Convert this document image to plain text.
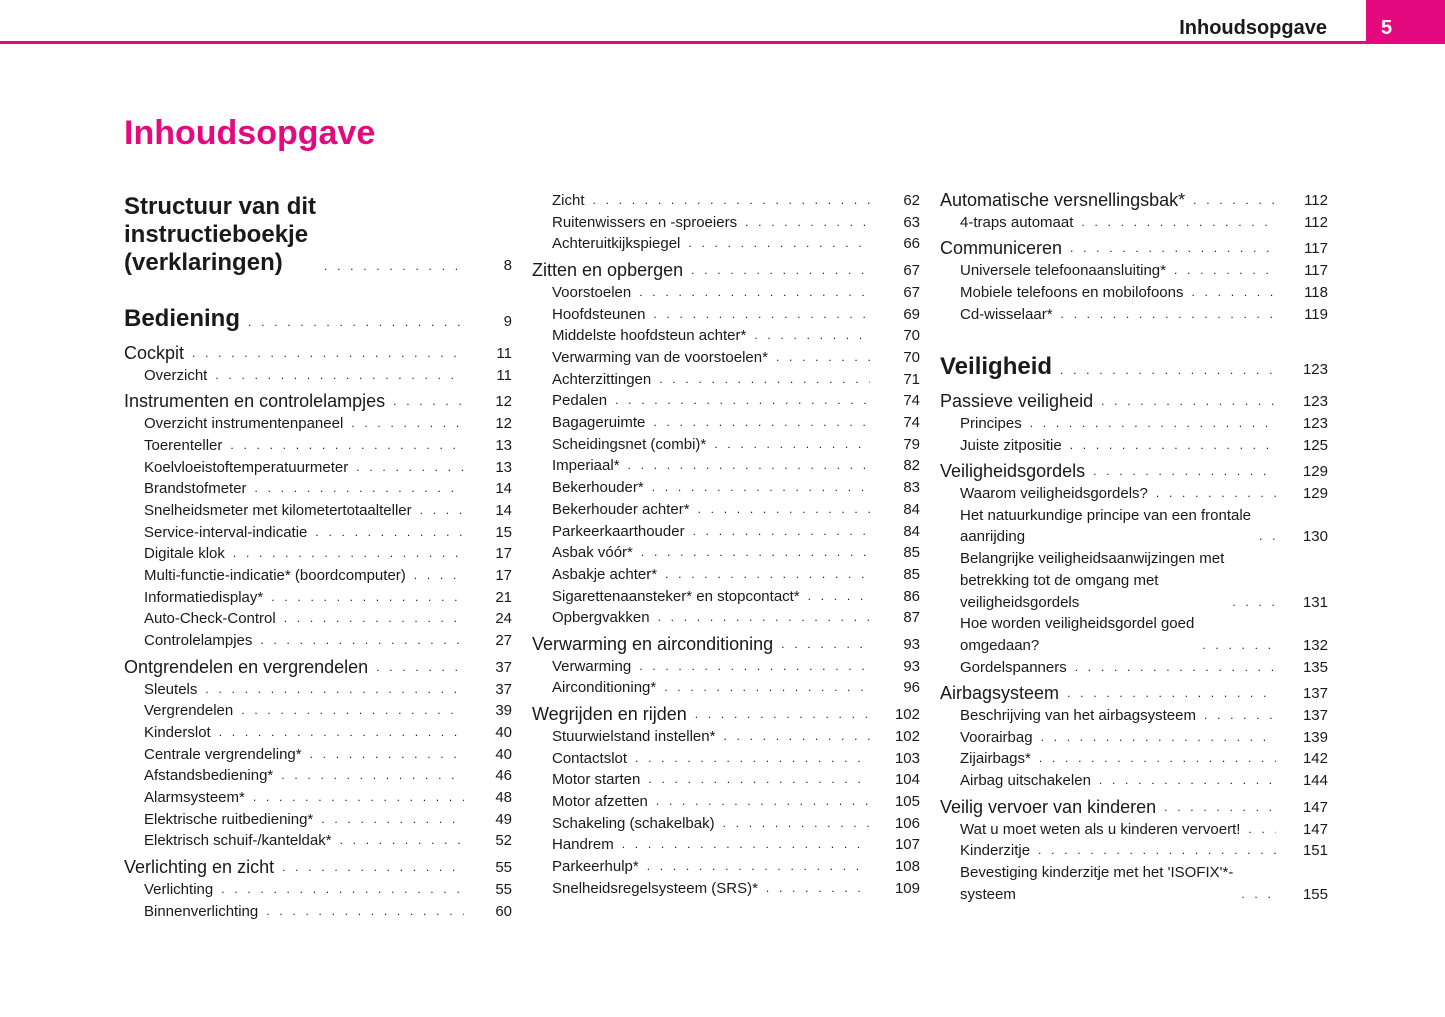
Inhoudsopgave	5
Inhoudsopgave
Structuur van dit
instructieboekje
(verklaringen) . . .	8
Bediening . . .	9
Cockpit . . .	11
Overzicht . . .	11
Instrumenten en controlelampjes . . .	12
Overzicht instrumentenpaneel . . .	12
Toerenteller . . .	13
Koelvloeistoftemperatuurmeter . . .	13
Brandstofmeter . . .	14
Snelheidsmeter met kilometertotaalteller . . .	14
Service-interval-indicatie . . .	15
Digitale klok . . .	17
Multi-functie-indicatie* (boordcomputer) . . .	17
Informatiedisplay* . . .	21
Auto-Check-Control . . .	24
Controlelampjes . . .	27
Ontgrendelen en vergrendelen . . .	37
Sleutels . . .	37
Vergrendelen . . .	39
Kinderslot . . .	40
Centrale vergrendeling* . . .	40
Afstandsbediening* . . .	46
Alarmsysteem* . . .	48
Elektrische ruitbediening* . . .	49
Elektrisch schuif-/kanteldak* . . .	52
Verlichting en zicht . . .	55
Verlichting . . .	55
Binnenverlichting . . .	60
Zicht . . .	62
Ruitenwissers en -sproeiers . . .	63
Achteruitkijkspiegel . . .	66
Zitten en opbergen . . .	67
Voorstoelen . . .	67
Hoofdsteunen . . .	69
Middelste hoofdsteun achter* . . .	70
Verwarming van de voorstoelen* . . .	70
Achterzittingen . . .	71
Pedalen . . .	74
Bagageruimte . . .	74
Scheidingsnet (combi)* . . .	79
Imperiaal* . . .	82
Bekerhouder* . . .	83
Bekerhouder achter* . . .	84
Parkeerkaarthouder . . .	84
Asbak vóór* . . .	85
Asbakje achter* . . .	85
Sigarettenaansteker* en stopcontact* . . .	86
Opbergvakken . . .	87
Verwarming en airconditioning . . .	93
Verwarming . . .	93
Airconditioning* . . .	96
Wegrijden en rijden . . .	102
Stuurwielstand instellen* . . .	102
Contactslot . . .	103
Motor starten . . .	104
Motor afzetten . . .	105
Schakeling (schakelbak) . . .	106
Handrem . . .	107
Parkeerhulp* . . .	108
Snelheidsregelsysteem (SRS)* . . .	109
Automatische versnellingsbak* . . .	112
4-traps automaat . . .	112
Communiceren . . .	117
Universele telefoonaansluiting* . . .	117
Mobiele telefoons en mobilofoons . . .	118
Cd-wisselaar* . . .	119
Veiligheid . . .	123
Passieve veiligheid . . .	123
Principes . . .	123
Juiste zitpositie . . .	125
Veiligheidsgordels . . .	129
Waarom veiligheidsgordels? . . .	129
Het natuurkundige principe van een frontale
aanrijding . . .	130
Belangrijke veiligheidsaanwijzingen met
betrekking tot de omgang met
veiligheidsgordels . . .	131
Hoe worden veiligheidsgordel goed
omgedaan? . . .	132
Gordelspanners . . .	135
Airbagsysteem . . .	137
Beschrijving van het airbagsysteem . . .	137
Voorairbag . . .	139
Zijairbags* . . .	142
Airbag uitschakelen . . .	144
Veilig vervoer van kinderen . . .	147
Wat u moet weten als u kinderen vervoert! . . .	147
Kinderzitje . . .	151
Bevestiging kinderzitje met het 'ISOFIX'*-
systeem . . .	155
